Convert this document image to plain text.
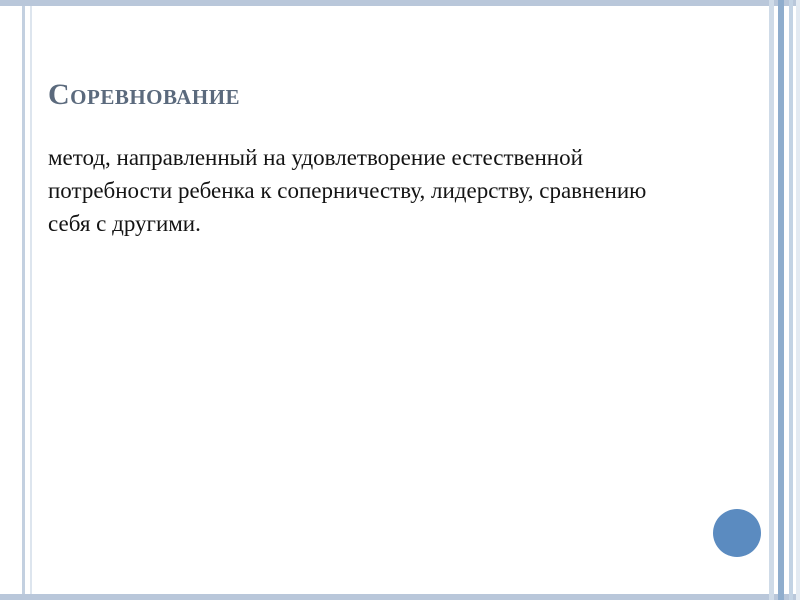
Соревнование
метод, направленный на удовлетворение естественной потребности ребенка к соперничеству, лидерству, сравнению себя с другими.
